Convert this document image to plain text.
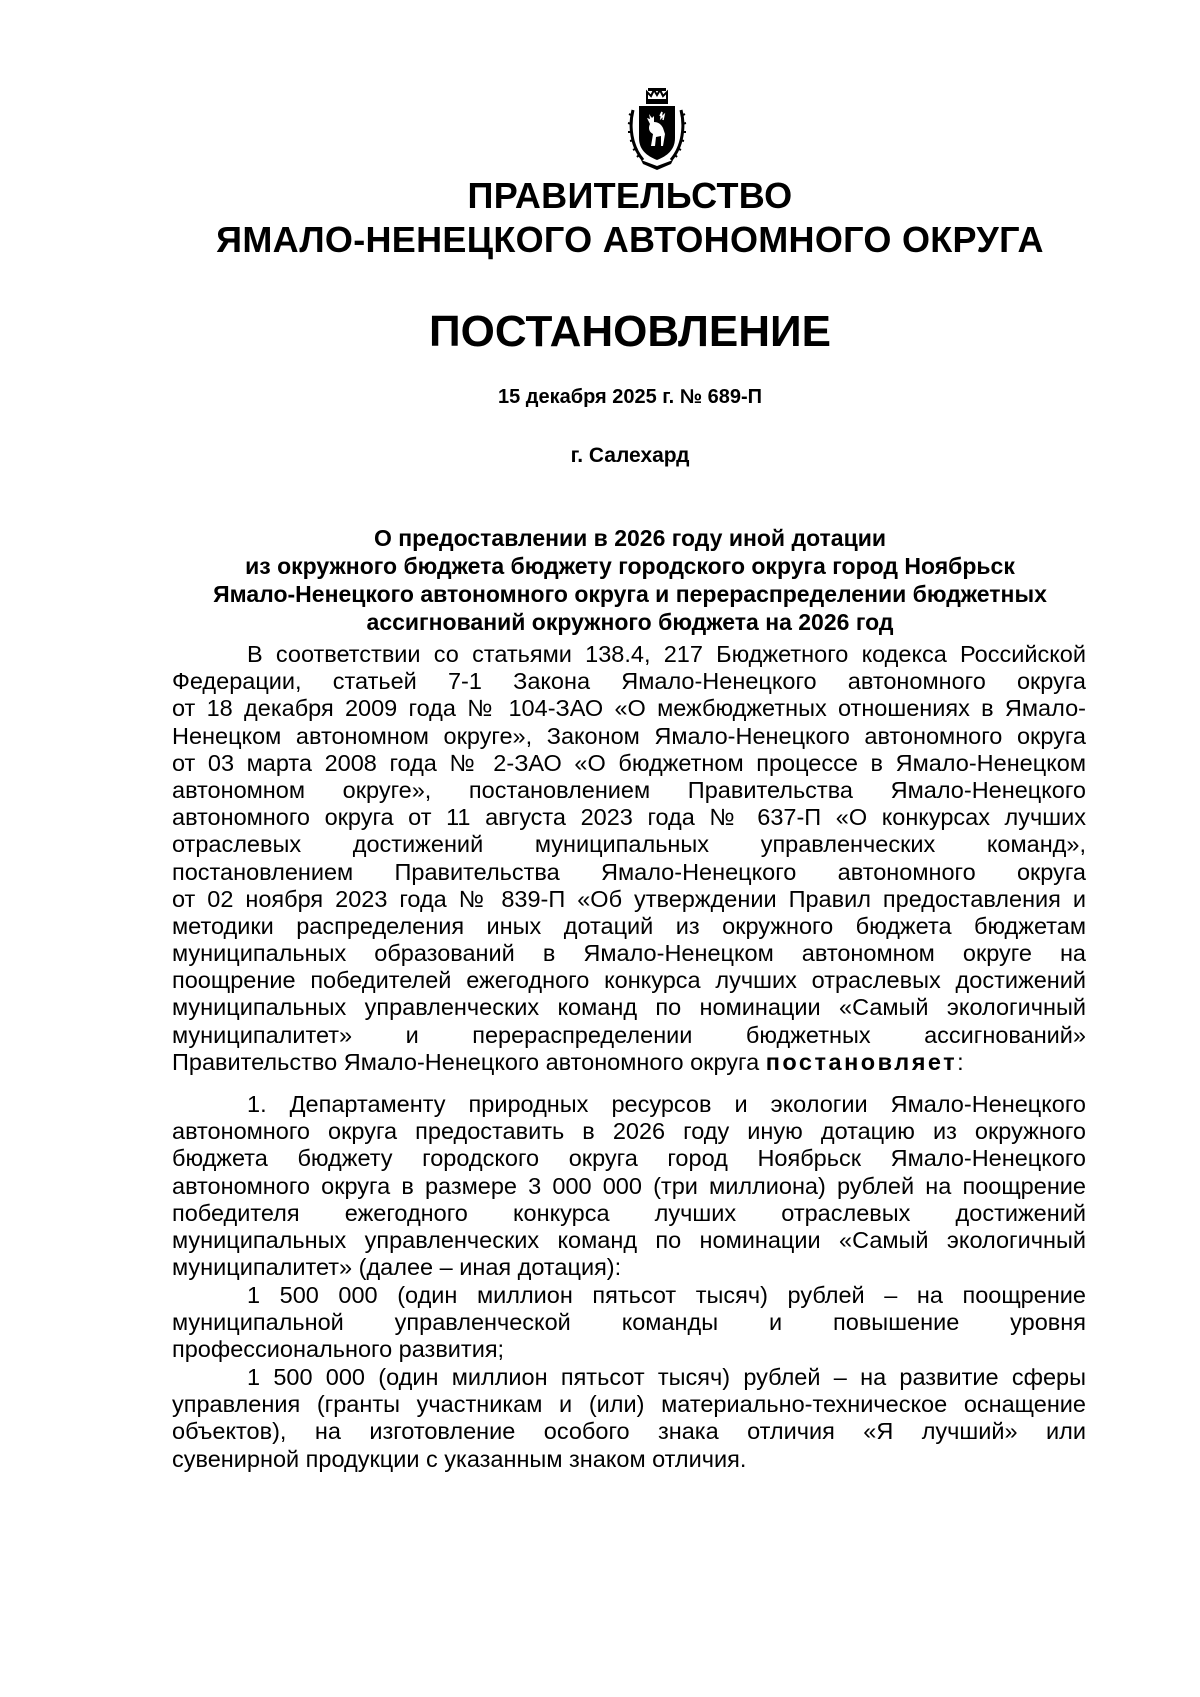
ПРАВИТЕЛЬСТВО
ЯМАЛО-НЕНЕЦКОГО АВТОНОМНОГО ОКРУГА
ПОСТАНОВЛЕНИЕ
15 декабря 2025 г. № 689-П
г. Салехард
О предоставлении в 2026 году иной дотации
из окружного бюджета бюджету городского округа город Ноябрьск
Ямало-Ненецкого автономного округа и перераспределении бюджетных
ассигнований окружного бюджета на 2026 год
В соответствии со статьями 138.4, 217 Бюджетного кодекса Российской
Федерации, статьей 7-1 Закона Ямало-Ненецкого автономного округа
от 18 декабря 2009 года № 104-ЗАО «О межбюджетных отношениях в Ямало-
Ненецком автономном округе», Законом Ямало-Ненецкого автономного округа
от 03 марта 2008 года № 2-ЗАО «О бюджетном процессе в Ямало-Ненецком
автономном округе», постановлением Правительства Ямало-Ненецкого
автономного округа от 11 августа 2023 года № 637-П «О конкурсах лучших
отраслевых достижений муниципальных управленческих команд»,
постановлением Правительства Ямало-Ненецкого автономного округа
от 02 ноября 2023 года № 839-П «Об утверждении Правил предоставления и
методики распределения иных дотаций из окружного бюджета бюджетам
муниципальных образований в Ямало-Ненецком автономном округе на
поощрение победителей ежегодного конкурса лучших отраслевых достижений
муниципальных управленческих команд по номинации «Самый экологичный
муниципалитет» и перераспределении бюджетных ассигнований»
Правительство Ямало-Ненецкого автономного округа постановляет:
1. Департаменту природных ресурсов и экологии Ямало-Ненецкого
автономного округа предоставить в 2026 году иную дотацию из окружного
бюджета бюджету городского округа город Ноябрьск Ямало-Ненецкого
автономного округа в размере 3 000 000 (три миллиона) рублей на поощрение
победителя ежегодного конкурса лучших отраслевых достижений
муниципальных управленческих команд по номинации «Самый экологичный
муниципалитет» (далее – иная дотация):
1 500 000 (один миллион пятьсот тысяч) рублей – на поощрение
муниципальной управленческой команды и повышение уровня
профессионального развития;
1 500 000 (один миллион пятьсот тысяч) рублей – на развитие сферы
управления (гранты участникам и (или) материально-техническое оснащение
объектов), на изготовление особого знака отличия «Я лучший» или
сувенирной продукции с указанным знаком отличия.
